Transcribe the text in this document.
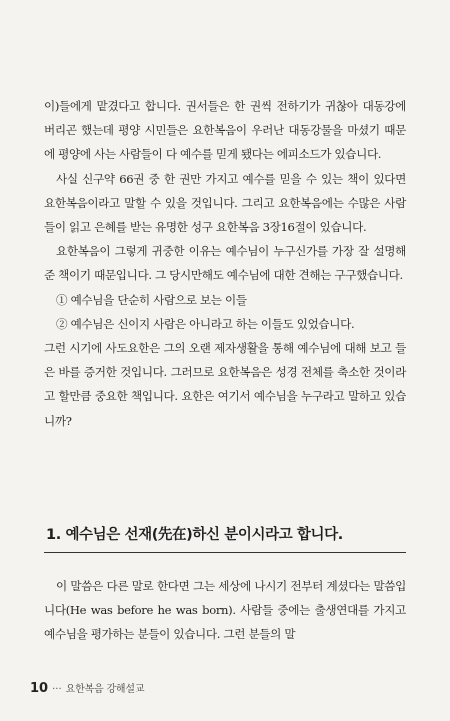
이)들에게 맡겼다고 합니다. 권서들은 한 권씩 전하기가 귀찮아 대동강에 버리곤 했는데 평양 시민들은 요한복음이 우러난 대동강물을 마셨기 때문에 평양에 사는 사람들이 다 예수를 믿게 됐다는 에피소드가 있습니다.

사실 신구약 66권 중 한 권만 가지고 예수를 믿을 수 있는 책이 있다면 요한복음이라고 말할 수 있을 것입니다. 그리고 요한복음에는 수많은 사람들이 읽고 은혜를 받는 유명한 성구 요한복음 3장16절이 있습니다.

요한복음이 그렇게 귀중한 이유는 예수님이 누구신가를 가장 잘 설명해준 책이기 때문입니다. 그 당시만해도 예수님에 대한 견해는 구구했습니다.

① 예수님을 단순히 사람으로 보는 이들

② 예수님은 신이지 사람은 아니라고 하는 이들도 있었습니다.

그런 시기에 사도요한은 그의 오랜 제자생활을 통해 예수님에 대해 보고 들은 바를 증거한 것입니다. 그러므로 요한복음은 성경 전체를 축소한 것이라고 할만큼 중요한 책입니다. 요한은 여기서 예수님을 누구라고 말하고 있습니까?

1. 예수님은 선재(先在)하신 분이시라고 합니다.

이 말씀은 다른 말로 한다면 그는 세상에 나시기 전부터 계셨다는 말씀입니다(He was before he was born). 사람들 중에는 출생연대를 가지고 예수님을 평가하는 분들이 있습니다. 그런 분들의 말

10 ··· 요한복음 강해설교
